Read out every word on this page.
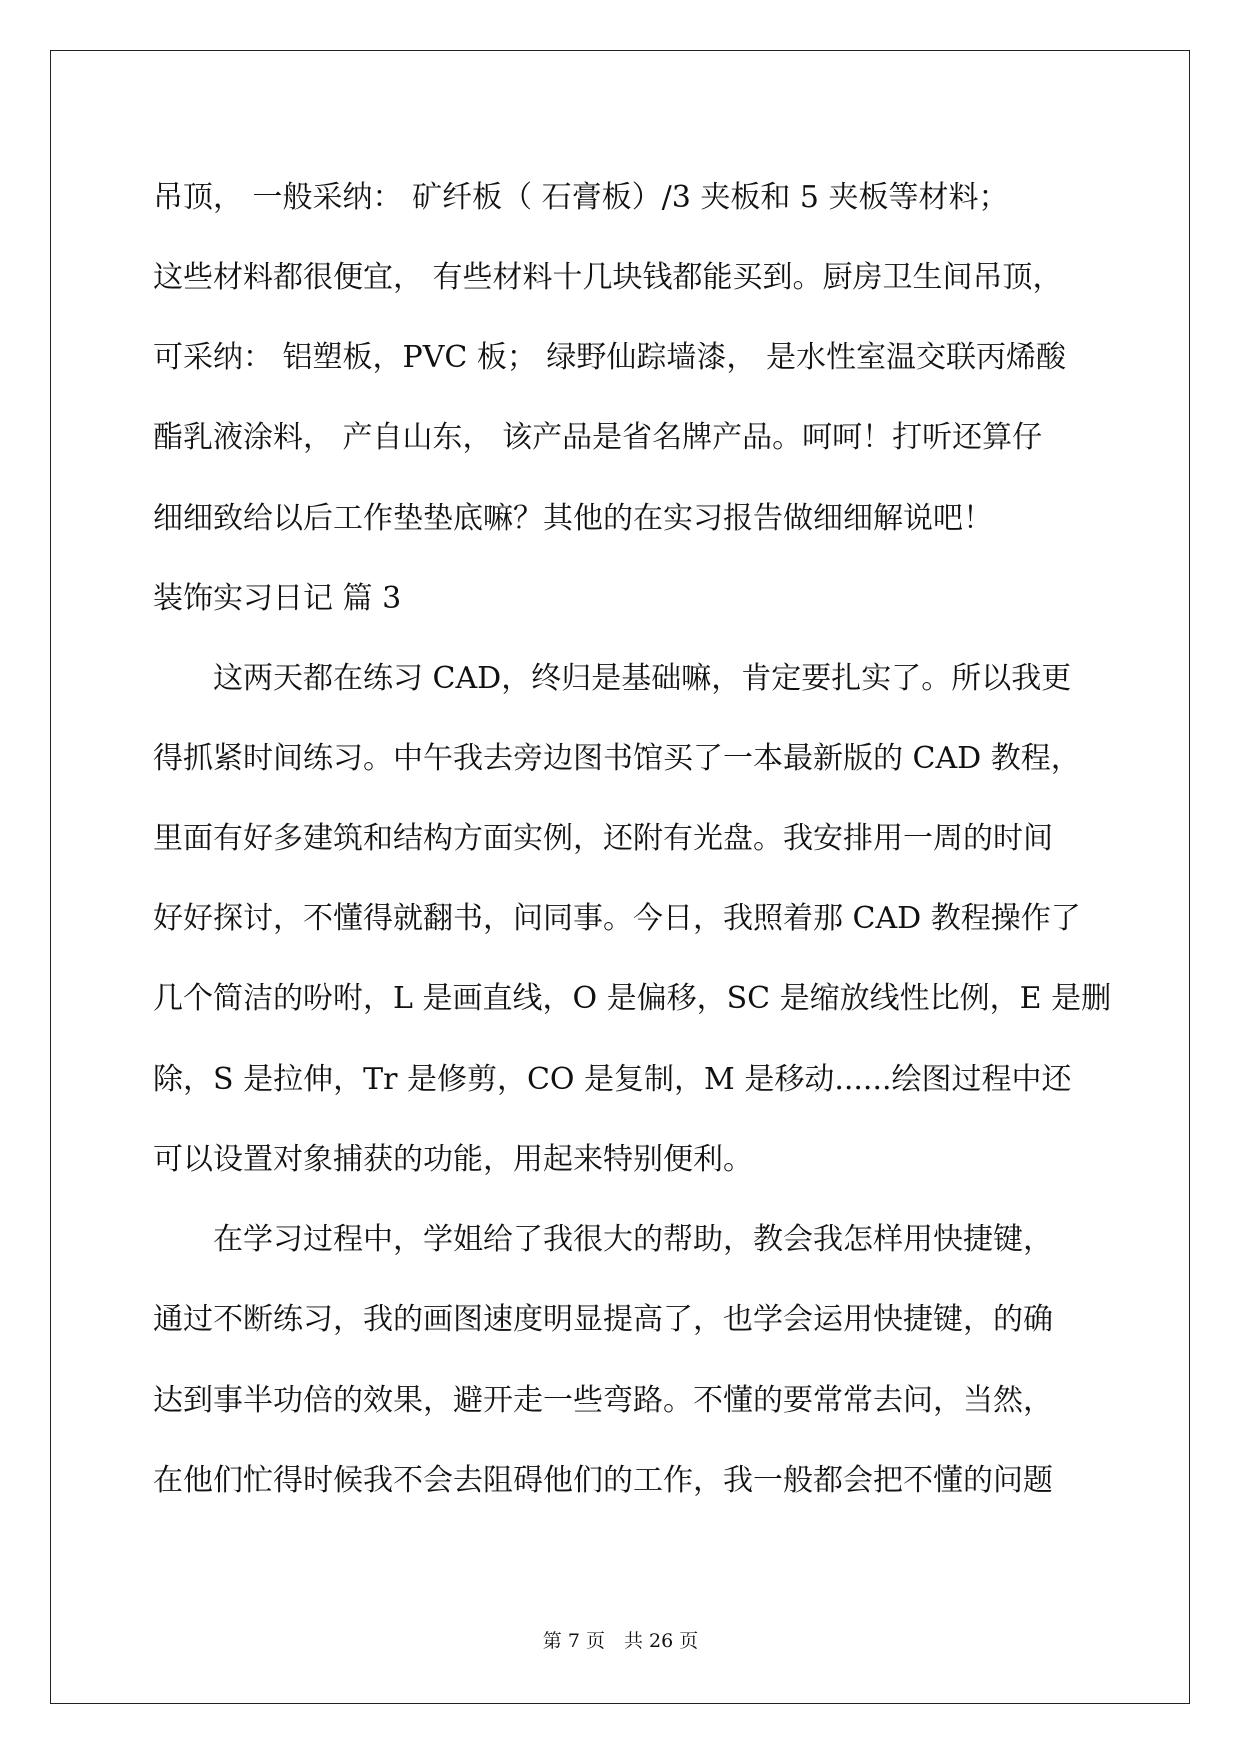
吊顶， 一般采纳： 矿纤板（ 石膏板）/3 夹板和 5 夹板等材料；
这些材料都很便宜， 有些材料十几块钱都能买到。厨房卫生间吊顶，
可采纳： 铝塑板，PVC 板； 绿野仙踪墙漆， 是水性室温交联丙烯酸
酯乳液涂料， 产自山东， 该产品是省名牌产品。呵呵！打听还算仔
细细致给以后工作垫垫底嘛？其他的在实习报告做细细解说吧！
装饰实习日记 篇 3
　　这两天都在练习 CAD，终归是基础嘛，肯定要扎实了。所以我更
得抓紧时间练习。中午我去旁边图书馆买了一本最新版的 CAD 教程，
里面有好多建筑和结构方面实例，还附有光盘。我安排用一周的时间
好好探讨，不懂得就翻书，问同事。今日，我照着那 CAD 教程操作了
几个简洁的吩咐，L 是画直线，O 是偏移，SC 是缩放线性比例，E 是删
除，S 是拉伸，Tr 是修剪，CO 是复制，M 是移动......绘图过程中还
可以设置对象捕获的功能，用起来特别便利。
　　在学习过程中，学姐给了我很大的帮助，教会我怎样用快捷键，
通过不断练习，我的画图速度明显提高了，也学会运用快捷键，的确
达到事半功倍的效果，避开走一些弯路。不懂的要常常去问，当然，
在他们忙得时候我不会去阻碍他们的工作，我一般都会把不懂的问题
第 7 页　共 26 页
